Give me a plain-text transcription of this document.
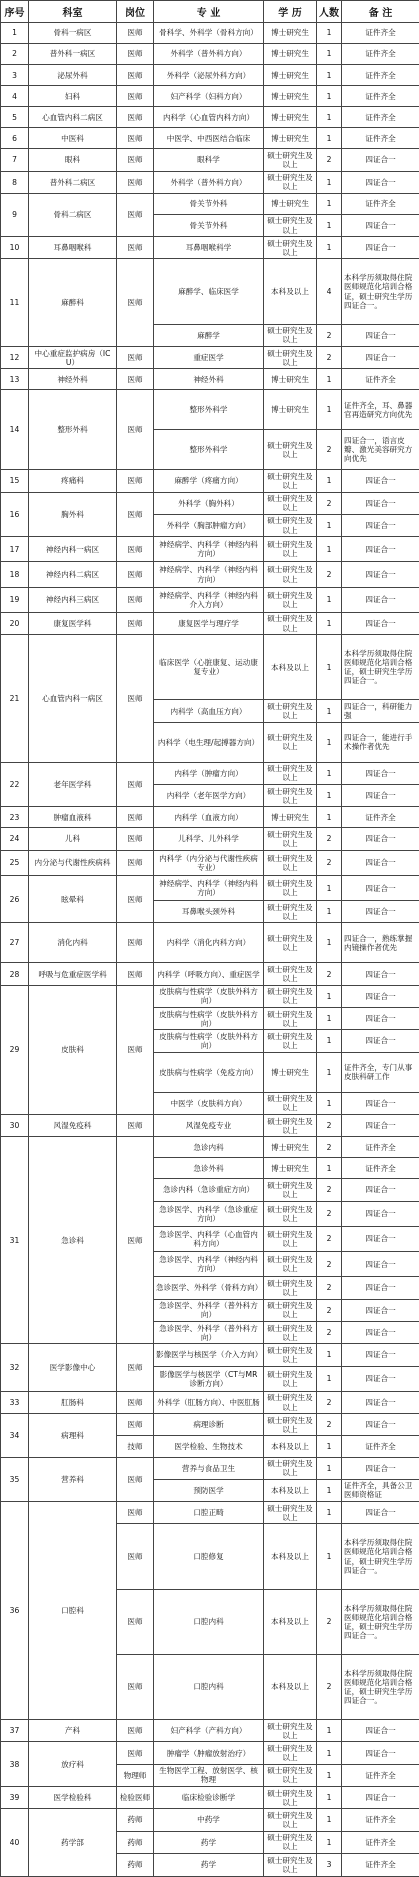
序号	科室	岗位	专 业	学 历	人数	备 注
1	骨科一病区	医师	骨科学、外科学（骨科方向）	博士研究生	1	证件齐全
2	普外科一病区	医师	外科学（普外科方向）	博士研究生	1	证件齐全
3	泌尿外科	医师	外科学（泌尿外科方向）	博士研究生	1	证件齐全
4	妇科	医师	妇产科学（妇科方向）	博士研究生	1	证件齐全
5	心血管内科二病区	医师	内科学（心血管内科方向）	博士研究生	1	证件齐全
6	中医科	医师	中医学、中西医结合临床	博士研究生	1	证件齐全
7	眼科	医师	眼科学	硕士研究生及以上	2	四证合一
8	普外科二病区	医师	外科学（普外科方向）	硕士研究生及以上	1	四证合一
9	骨科二病区	医师	骨关节外科	博士研究生	1	证件齐全
			骨关节外科	硕士研究生及以上	1	四证合一
10	耳鼻咽喉科	医师	耳鼻咽喉科学	硕士研究生及以上	1	四证合一
11	麻醉科	医师	麻醉学、临床医学	本科及以上	4	本科学历须取得住院医师规范化培训合格证，硕士研究生学历四证合一。
			麻醉学	硕士研究生及以上	2	四证合一
12	中心重症监护病房（ICU）	医师	重症医学	硕士研究生及以上	2	四证合一
13	神经外科	医师	神经外科	博士研究生	1	证件齐全
14	整形外科	医师	整形外科学	博士研究生	1	证件齐全，耳、鼻器官再造研究方向优先
			整形外科学	硕士研究生及以上	2	四证合一，语言皮瓣、激光美容研究方向优先
15	疼痛科	医师	麻醉学（疼痛方向）	硕士研究生及以上	1	四证合一
16	胸外科	医师	外科学（胸外科）	硕士研究生及以上	2	四证合一
			外科学（胸部肿瘤方向）	硕士研究生及以上	1	四证合一
17	神经内科一病区	医师	神经病学、内科学（神经内科方向）	硕士研究生及以上	1	四证合一
18	神经内科二病区	医师	神经病学、内科学（神经内科方向）	硕士研究生及以上	2	四证合一
19	神经内科三病区	医师	神经病学、内科学（神经内科介入方向）	硕士研究生及以上	1	四证合一
20	康复医学科	医师	康复医学与理疗学	硕士研究生及以上	1	四证合一
21	心血管内科一病区	医师	临床医学（心脏康复、运动康复专业）	本科及以上	1	本科学历须取得住院医师规范化培训合格证，硕士研究生学历四证合一。
			内科学（高血压方向）	硕士研究生及以上	1	四证合一，科研能力强
			内科学（电生理/起搏器方向）	硕士研究生及以上	1	四证合一，能进行手术操作者优先
22	老年医学科	医师	内科学（肿瘤方向）	硕士研究生及以上	1	四证合一
			内科学（老年医学方向）	硕士研究生及以上	1	四证合一
23	肿瘤血液科	医师	内科学（血液方向）	博士研究生	1	证件齐全
24	儿科	医师	儿科学、儿外科学	硕士研究生及以上	2	四证合一
25	内分泌与代谢性疾病科	医师	内科学（内分泌与代谢性疾病专业）	硕士研究生及以上	2	四证合一
26	眩晕科	医师	神经病学、内科学（神经内科方向）	硕士研究生及以上	1	四证合一
			耳鼻喉头颈外科	硕士研究生及以上	1	四证合一
27	消化内科	医师	内科学（消化内科方向）	硕士研究生及以上	1	四证合一，熟练掌握内镜操作者优先
28	呼吸与危重症医学科	医师	内科学（呼吸方向）、重症医学	硕士研究生及以上	2	四证合一
29	皮肤科	医师	皮肤病与性病学（皮肤外科方向）	硕士研究生及以上	1	四证合一
			皮肤病与性病学（皮肤外科方向）	硕士研究生及以上	1	四证合一
			皮肤病与性病学（皮肤外科方向）	硕士研究生及以上	1	四证合一
			皮肤病与性病学（免疫方向）	博士研究生	1	证件齐全，专门从事皮肤科研工作
			中医学（皮肤科方向）	硕士研究生及以上	1	四证合一
30	风湿免疫科	医师	风湿免疫专业	硕士研究生及以上	2	四证合一
31	急诊科	医师	急诊内科	博士研究生	2	证件齐全
			急诊外科	博士研究生	1	证件齐全
			急诊内科（急诊重症方向）	硕士研究生及以上	2	四证合一
			急诊医学、内科学（急诊重症方向）	硕士研究生及以上	2	四证合一
			急诊医学、内科学（心血管内科方向）	硕士研究生及以上	2	四证合一
			急诊医学、内科学（神经内科方向）	硕士研究生及以上	2	四证合一
			急诊医学、外科学（骨科方向）	硕士研究生及以上	2	四证合一
			急诊医学、外科学（普外科方向）	硕士研究生及以上	2	四证合一
			急诊医学、外科学（普外科方向）	硕士研究生及以上	2	四证合一
32	医学影像中心	医师	影像医学与核医学（介入方向）	硕士研究生及以上	1	四证合一
			影像医学与核医学（CT与MR诊断方向）	硕士研究生及以上	1	四证合一
33	肛肠科	医师	外科学（肛肠方向）、中医肛肠	硕士研究生及以上	2	四证合一
34	病理科	医师	病理诊断	硕士研究生及以上	2	四证合一
		技师	医学检验、生物技术	本科及以上	1	证件齐全
35	营养科	医师	营养与食品卫生	硕士研究生及以上	1	四证合一
			预防医学	本科及以上	1	证件齐全，具备公卫医师资格证
36	口腔科	医师	口腔正畸	硕士研究生及以上	1	四证合一
		医师	口腔修复	本科及以上	1	本科学历须取得住院医师规范化培训合格证，硕士研究生学历四证合一。
		医师	口腔内科	本科及以上	2	本科学历须取得住院医师规范化培训合格证，硕士研究生学历四证合一。
		医师	口腔内科	本科及以上	2	本科学历须取得住院医师规范化培训合格证，硕士研究生学历四证合一。
37	产科	医师	妇产科学（产科方向）	硕士研究生及以上	1	四证合一
38	放疗科	医师	肿瘤学（肿瘤放射治疗）	硕士研究生及以上	1	四证合一
		物理师	生物医学工程、放射医学、核物理	硕士研究生及以上	1	证件齐全
39	医学检验科	检验医师	临床检验诊断学	硕士研究生及以上	1	四证合一
40	药学部	药师	中药学	硕士研究生及以上	1	证件齐全
		药师	药学	硕士研究生及以上	1	证件齐全
		药师	药学	硕士研究生及以上	3	证件齐全
